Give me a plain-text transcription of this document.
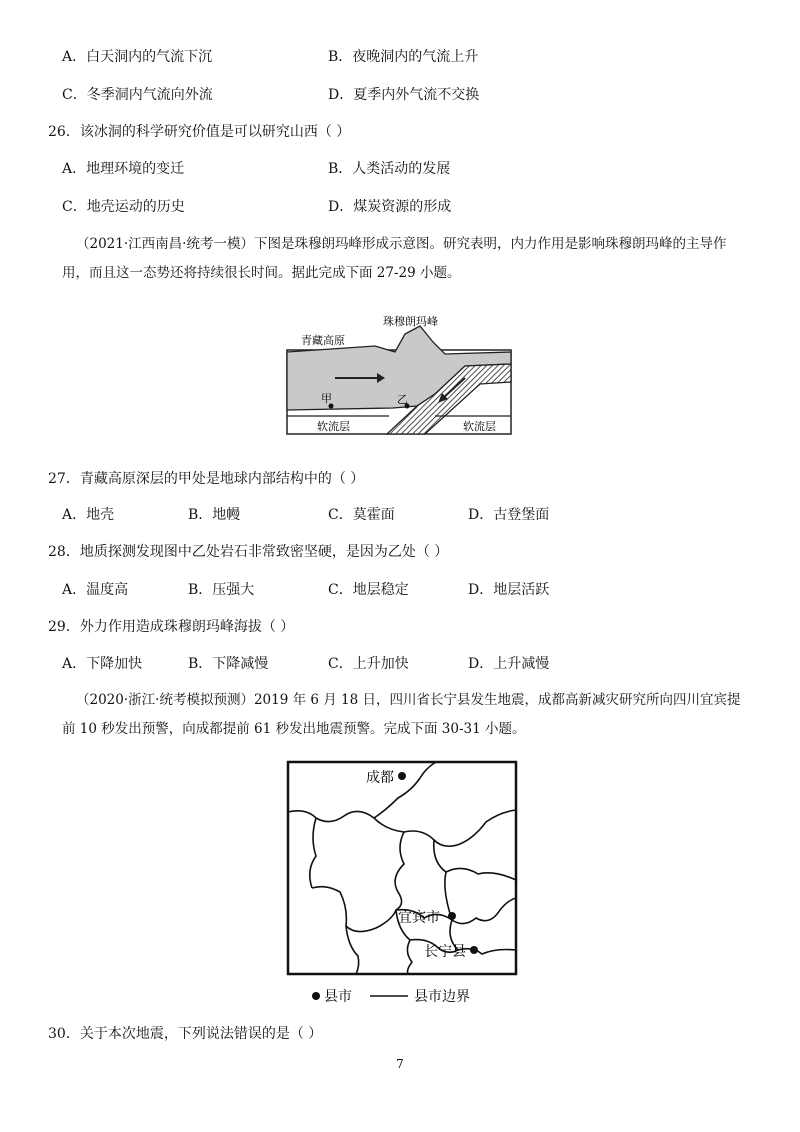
A．白天洞内的气流下沉	B．夜晚洞内的气流上升
C．冬季洞内气流向外流	D．夏季内外气流不交换
26．该冰洞的科学研究价值是可以研究山西（ ）
A．地理环境的变迁	B．人类活动的发展
C．地壳运动的历史	D．煤炭资源的形成
（2021·江西南昌·统考一模）下图是珠穆朗玛峰形成示意图。研究表明，内力作用是影响珠穆朗玛峰的主导作
用，而且这一态势还将持续很长时间。据此完成下面 27-29 小题。
青藏高原
珠穆朗玛峰
甲	乙
软流层	软流层
27．青藏高原深层的甲处是地球内部结构中的（ ）
A．地壳	B．地幔	C．莫霍面	D．古登堡面
28．地质探测发现图中乙处岩石非常致密坚硬，是因为乙处（ ）
A．温度高	B．压强大	C．地层稳定	D．地层活跃
29．外力作用造成珠穆朗玛峰海拔（ ）
A．下降加快	B．下降减慢	C．上升加快	D．上升减慢
（2020·浙江·统考模拟预测）2019 年 6 月 18 日，四川省长宁县发生地震，成都高新减灾研究所向四川宜宾提
前 10 秒发出预警，向成都提前 61 秒发出地震预警。完成下面 30-31 小题。
成都
宜宾市
长宁县
县市	县市边界
30．关于本次地震，下列说法错误的是（ ）
7
